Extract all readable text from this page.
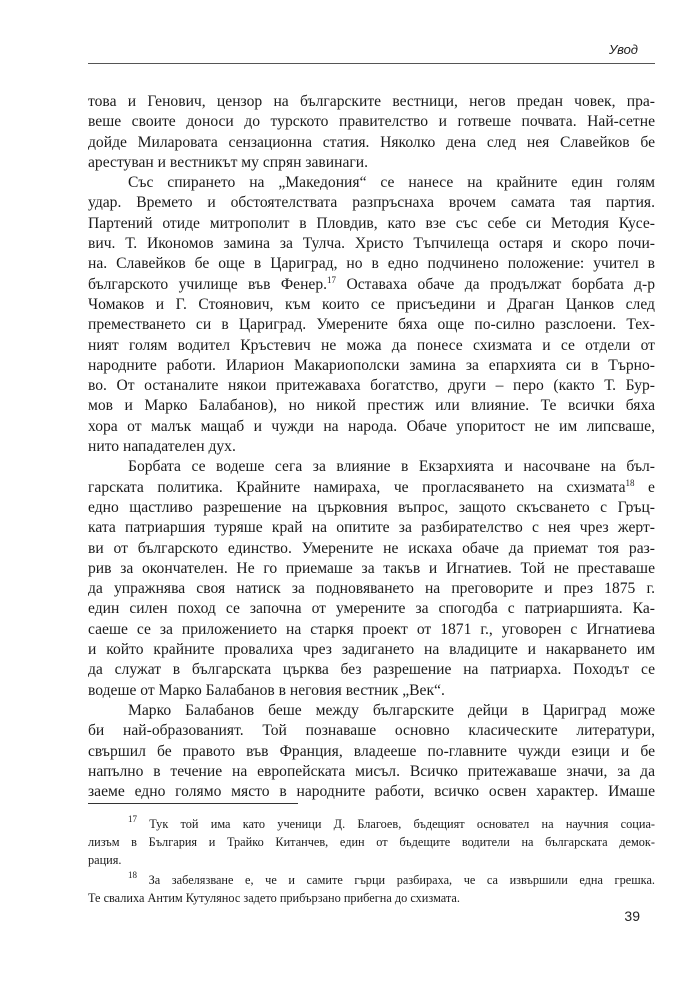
Увод
това и Генович, цензор на българските вестници, негов предан човек, пра-
веше своите доноси до турското правителство и готвеше почвата. Най-сетне
дойде Миларовата сензационна статия. Няколко дена след нея Славейков бе
арестуван и вестникът му спрян завинаги.
Със спирането на „Македония“ се нанесе на крайните един голям
удар. Времето и обстоятелствата разпръснаха врочем самата тая партия.
Партений отиде митрополит в Пловдив, като взе със себе си Методия Кусе-
вич. Т. Икономов замина за Тулча. Христо Тъпчилеща остаря и скоро почи-
на. Славейков бе още в Цариград, но в едно подчинено положение: учител в
българското училище във Фенер.$^{17}$ Оставаха обаче да продължат борбата д-р
Чомаков и Г. Стоянович, към които се присъедини и Драган Цанков след
преместването си в Цариград. Умерените бяха още по-силно разслоени. Тех-
ният голям водител Кръстевич не можа да понесе схизмата и се отдели от
народните работи. Иларион Макариополски замина за епархията си в Търно-
во. От останалите някои притежаваха богатство, други – перо (както Т. Бур-
мов и Марко Балабанов), но никой престиж или влияние. Те всички бяха
хора от малък мащаб и чужди на народа. Обаче упоритост не им липсваше,
нито нападателен дух.
Борбата се водеше сега за влияние в Екзархията и насочване на бъл-
гарската политика. Крайните намираха, че прогласяването на схизмата$^{18}$ е
едно щастливо разрешение на църковния въпрос, защото скъсването с Гръц-
ката патриаршия туряше край на опитите за разбирателство с нея чрез жерт-
ви от българското единство. Умерените не искаха обаче да приемат тоя раз-
рив за окончателен. Не го приемаше за такъв и Игнатиев. Той не преставаше
да упражнява своя натиск за подновяването на преговорите и през 1875 г.
един силен поход се започна от умерените за спогодба с патриаршията. Ка-
саеше се за приложението на старкя проект от 1871 г., уговорен с Игнатиева
и който крайните провалиха чрез задигането на владиците и накарването им
да служат в българската църква без разрешение на патриарха. Походът се
водеше от Марко Балабанов в неговия вестник „Век“.
Марко Балабанов беше между българските дейци в Цариград може
би най-образованият. Той познаваше основно класическите литератури,
свършил бе правото във Франция, владееше по-главните чужди езици и бе
напълно в течение на европейската мисъл. Всичко притежаваше значи, за да
заеме едно голямо място в народните работи, всичко освен характер. Имаше
$^{17}$ Тук той има като ученици Д. Благоев, бъдещият основател на научния социа-
лизъм в България и Трайко Китанчев, един от бъдещите водители на българската демок-
рация.
$^{18}$ За забелязване е, че и самите гърци разбираха, че са извършили една грешка.
Те свалиха Антим Кутулянос задето прибързано прибегна до схизмата.
39
